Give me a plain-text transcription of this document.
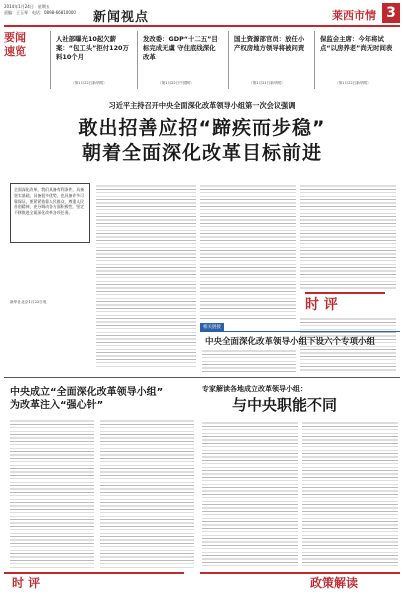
2014年1月24日　星期五
责编：王玉琴　电话：0898-66810000 新闻视点	莱西市情 3
要闻
速览
人社部曝光10起欠薪案：“包工头”拒付120万料10个月
（第1月22日新华网）
发改委：GDP“十二五”目标完成无虞 守住底线深化改革
（第1月22日中国网）
国土资源部官员：放任小产权房地方领导将被问责
（第1月21日新华网）
保监会主席：今年将试点“以房养老”尚无时间表
（第1月22日新华网）
习近平主持召开中央全面深化改革领导小组第一次会议强调
敢出招善应招“蹄疾而步稳”
朝着全面深化改革目标前进
全面深化改革，我们具备有利条件，具备坚实基础，具备很多优势，也具备许多可靠保证，要紧紧依靠人民群众，尊重人民首创精神，充分调动各方面积极性，坚定不移推进全面深化改革各项任务。
新华社北京1月22日电	时 评
相关链接
中央全面深化改革领导小组下设六个专项小组
中央成立“全面深化改革领导小组”
为改革注入“强心针”
专家解读各地成立改革领导小组：
与中央职能不同
时 评	政策解读
